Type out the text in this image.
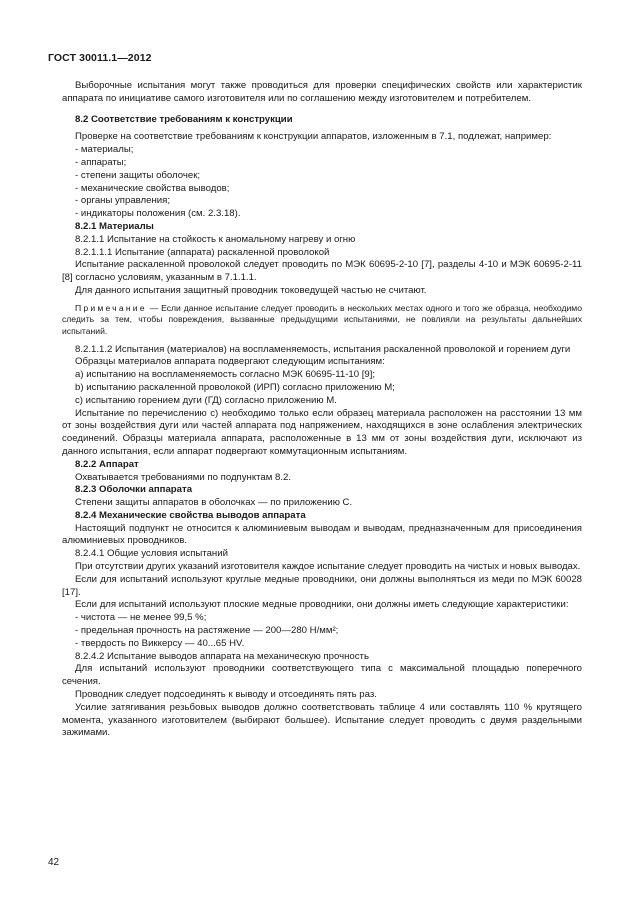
ГОСТ 30011.1—2012

Выборочные испытания могут также проводиться для проверки специфических свойств или характеристик аппарата по инициативе самого изготовителя или по соглашению между изготовителем и потребителем.

8.2 Соответствие требованиям к конструкции

Проверке на соответствие требованиям к конструкции аппаратов, изложенным в 7.1, подлежат, например:

- материалы;

- аппараты;

- степени защиты оболочек;

- механические свойства выводов;

- органы управления;

- индикаторы положения (см. 2.3.18).

8.2.1 Материалы

8.2.1.1 Испытание на стойкость к аномальному нагреву и огню

8.2.1.1.1 Испытание (аппарата) раскаленной проволокой

Испытание раскаленной проволокой следует проводить по МЭК 60695-2-10 [7], разделы 4-10 и МЭК 60695-2-11 [8] согласно условиям, указанным в 7.1.1.1.

Для данного испытания защитный проводник токоведущей частью не считают.

Примечание — Если данное испытание следует проводить в нескольких местах одного и того же образца, необходимо следить за тем, чтобы повреждения, вызванные предыдущими испытаниями, не повлияли на результаты дальнейших испытаний.

8.2.1.1.2 Испытания (материалов) на воспламеняемость, испытания раскаленной проволокой и горением дуги

Образцы материалов аппарата подвергают следующим испытаниям:

a) испытанию на воспламеняемость согласно МЭК 60695-11-10 [9];

b) испытанию раскаленной проволокой (ИРП) согласно приложению М;

c) испытанию горением дуги (ГД) согласно приложению М.

Испытание по перечислению c) необходимо только если образец материала расположен на расстоянии 13 мм от зоны воздействия дуги или частей аппарата под напряжением, находящихся в зоне ослабления электрических соединений. Образцы материала аппарата, расположенные в 13 мм от зоны воздействия дуги, исключают из данного испытания, если аппарат подвергают коммутационным испытаниям.

8.2.2 Аппарат

Охватывается требованиями по подпунктам 8.2.

8.2.3 Оболочки аппарата

Степени защиты аппаратов в оболочках — по приложению С.

8.2.4 Механические свойства выводов аппарата

Настоящий подпункт не относится к алюминиевым выводам и выводам, предназначенным для присоединения алюминиевых проводников.

8.2.4.1 Общие условия испытаний

При отсутствии других указаний изготовителя каждое испытание следует проводить на чистых и новых выводах.

Если для испытаний используют круглые медные проводники, они должны выполняться из меди по МЭК 60028 [17].

Если для испытаний используют плоские медные проводники, они должны иметь следующие характеристики:

- чистота — не менее 99,5 %;

- предельная прочность на растяжение — 200—280 Н/мм²;

- твердость по Виккерсу — 40...65 HV.

8.2.4.2 Испытание выводов аппарата на механическую прочность

Для испытаний используют проводники соответствующего типа с максимальной площадью поперечного сечения.

Проводник следует подсоединять к выводу и отсоединять пять раз.

Усилие затягивания резьбовых выводов должно соответствовать таблице 4 или составлять 110 % крутящего момента, указанного изготовителем (выбирают большее). Испытание следует проводить с двумя раздельными зажимами.

42
